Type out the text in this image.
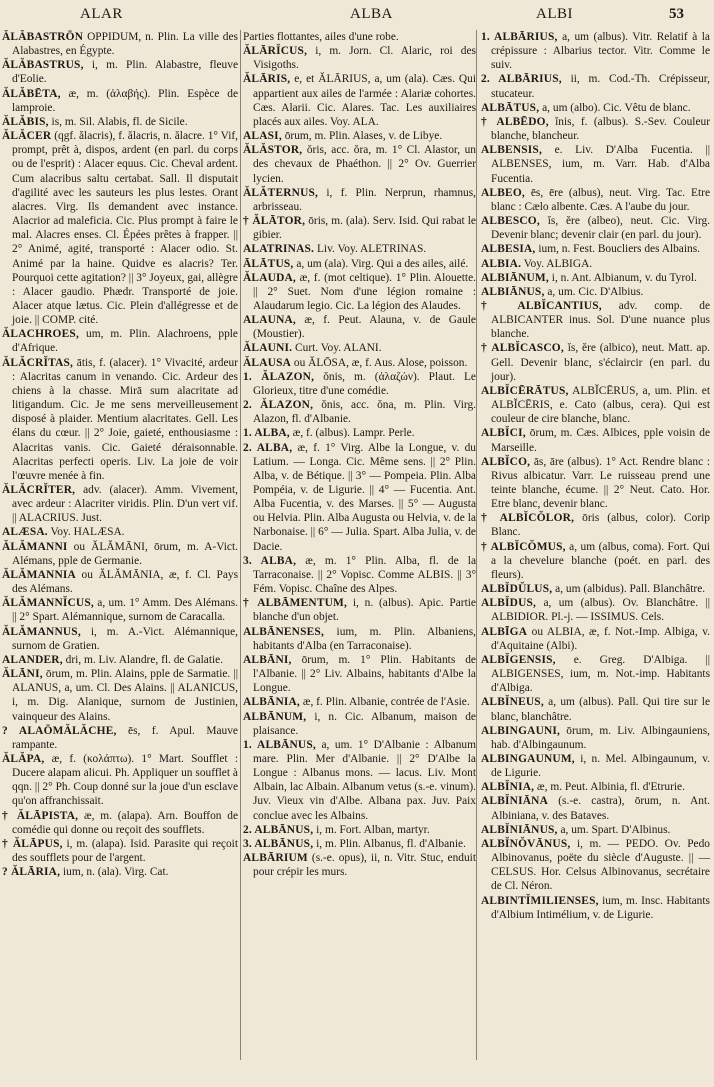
ALAR	ALBA	ALBI	53

ĂLĂBASTRŌN OPPIDUM, n. Plin. La ville des Alabastres, en Égypte.

ĂLĂBASTRUS, i, m. Plin. Alabastre, fleuve d'Eolie.

ĂLĂBĒTA, æ, m. (ἀλαβής). Plin. Espèce de lamproie.

ĂLĂBIS, is, m. Sil. Alabis, fl. de Sicile.

ĂLĂCER (qgf. ălacris), f. ălacris, n. ălacre. 1° Vif, prompt, prêt à, dispos, ardent (en parl. du corps ou de l'esprit) : Alacer equus. Cic. Cheval ardent. Cum alacribus saltu certabat. Sall. Il disputait d'agilité avec les sauteurs les plus lestes. Orant alacres. Virg. Ils demandent avec instance. Alacrior ad maleficia. Cic. Plus prompt à faire le mal. Alacres enses. Cl. Épées prêtes à frapper. || 2° Animé, agité, transporté : Alacer odio. St. Animé par la haine. Quidve es alacris? Ter. Pourquoi cette agitation? || 3° Joyeux, gai, allègre : Alacer gaudio. Phædr. Transporté de joie. Alacer atque lætus. Cic. Plein d'allégresse et de joie. || COMP. cité.

ĂLACHROES, um, m. Plin. Alachroens, pple d'Afrique.

ĂLĂCRĬTAS, ātis, f. (alacer). 1° Vivacité, ardeur : Alacritas canum in venando. Cic. Ardeur des chiens à la chasse. Mirā sum alacritate ad litigandum. Cic. Je me sens merveilleusement disposé à plaider. Mentium alacritates. Gell. Les élans du cœur. || 2° Joie, gaieté, enthousiasme : Alacritas vanis. Cic. Gaieté déraisonnable. Alacritas perfecti operis. Liv. La joie de voir l'œuvre menée à fin.

ĂLĂCRĬTER, adv. (alacer). Amm. Vivement, avec ardeur : Alacriter viridis. Plin. D'un vert vif. || ALACRIUS. Just.

ALÆSA. Voy. HALÆSA.

ĂLĂMANNI ou ĂLĂMĀNI, ōrum, m. A-Vict. Alémans, pple de Germanie.

ĂLĂMANNIA ou ĂLĂMĀNIA, æ, f. Cl. Pays des Alémans.

ĂLĂMANNĬCUS, a, um. 1° Amm. Des Alémans. || 2° Spart. Alémannique, surnom de Caracalla.

ĂLĂMANNUS, i, m. A.-Vict. Alémannique, surnom de Gratien.

ALANDER, dri, m. Liv. Alandre, fl. de Galatie.

ĂLĀNI, ōrum, m. Plin. Alains, pple de Sarmatie. || ALANUS, a, um. Cl. Des Alains. || ALANICUS, i, m. Dig. Alanique, surnom de Justinien, vainqueur des Alains.

? ALAŌMĂLĂCHE, ēs, f. Apul. Mauve rampante.

ĂLĂPA, æ, f. (κολάπτω). 1° Mart. Soufflet : Ducere alapam alicui. Ph. Appliquer un soufflet à qqn. || 2° Ph. Coup donné sur la joue d'un esclave qu'on affranchissait.

† ĂLĀPISTA, æ, m. (alapa). Arn. Bouffon de comédie qui donne ou reçoit des soufflets.

† ĂLĀPUS, i, m. (alapa). Isid. Parasite qui reçoit des soufflets pour de l'argent.

? ĂLĀRIA, ium, n. (ala). Virg. Cat.

Parties flottantes, ailes d'une robe.

ĂLĀRĬCUS, i, m. Jorn. Cl. Alaric, roi des Visigoths.

ĂLĀRIS, e, et ĂLĀRIUS, a, um (ala). Cæs. Qui appartient aux ailes de l'armée : Alariæ cohortes. Cæs. Alarii. Cic. Alares. Tac. Les auxiliaires placés aux ailes. Voy. ALA.

ALASI, ōrum, m. Plin. Alases, v. de Libye.

ĂLĂSTOR, ŏris, acc. ŏra, m. 1° Cl. Alastor, un des chevaux de Phaéthon. || 2° Ov. Guerrier lycien.

ĂLĂTERNUS, i, f. Plin. Nerprun, rhamnus, arbrisseau.

† ĂLĀTOR, ōris, m. (ala). Serv. Isid. Qui rabat le gibier.

ALATRINAS. Liv. Voy. ALETRINAS.

ĀLĀTUS, a, um (ala). Virg. Qui a des ailes, ailé.

ĂLAUDA, æ, f. (mot celtique). 1° Plin. Alouette. || 2° Suet. Nom d'une légion romaine : Alaudarum legio. Cic. La légion des Alaudes.

ALAUNA, æ, f. Peut. Alauna, v. de Gaule (Moustier).

ĂLAUNI. Curt. Voy. ALANI.

ĂLAUSA ou ĂLŌSA, æ, f. Aus. Alose, poisson.

1. ĂLAZON, ŏnis, m. (ἀλαζών). Plaut. Le Glorieux, titre d'une comédie.

2. ĂLAZON, ŏnis, acc. ŏna, m. Plin. Virg. Alazon, fl. d'Albanie.

1. ALBA, æ, f. (albus). Lampr. Perle.

2. ALBA, æ, f. 1° Virg. Albe la Longue, v. du Latium. — Longa. Cic. Même sens. || 2° Plin. Alba, v. de Bétique. || 3° — Pompeia. Plin. Alba Pompéia, v. de Ligurie. || 4° — Fucentia. Ant. Alba Fucentia, v. des Marses. || 5° — Augusta ou Helvia. Plin. Alba Augusta ou Helvia, v. de la Narbonaise. || 6° — Julia. Spart. Alba Julia, v. de Dacie.

3. ALBA, æ, m. 1° Plin. Alba, fl. de la Tarraconaise. || 2° Vopisc. Comme ALBIS. || 3° Fém. Vopisc. Chaîne des Alpes.

† ALBĀMENTUM, i, n. (albus). Apic. Partie blanche d'un objet.

ALBĀNENSES, ium, m. Plin. Albaniens, habitants d'Alba (en Tarraconaise).

ALBĀNI, ōrum, m. 1° Plin. Habitants de l'Albanie. || 2° Liv. Albains, habitants d'Albe la Longue.

ALBĀNIA, æ, f. Plin. Albanie, contrée de l'Asie.

ALBĀNUM, i, n. Cic. Albanum, maison de plaisance.

1. ALBĀNUS, a, um. 1° D'Albanie : Albanum mare. Plin. Mer d'Albanie. || 2° D'Albe la Longue : Albanus mons. — lacus. Liv. Mont Albain, lac Albain. Albanum vetus (s.-e. vinum). Juv. Vieux vin d'Albe. Albana pax. Juv. Paix conclue avec les Albains.

2. ALBĀNUS, i, m. Fort. Alban, martyr.

3. ALBĀNUS, i, m. Plin. Albanus, fl. d'Albanie.

ALBĀRIUM (s.-e. opus), ii, n. Vitr. Stuc, enduit pour crépir les murs.

1. ALBĀRIUS, a, um (albus). Vitr. Relatif à la crépissure : Albarius tector. Vitr. Comme le suiv.

2. ALBĀRIUS, ii, m. Cod.-Th. Crépisseur, stucateur.

ALBĀTUS, a, um (albo). Cic. Vêtu de blanc.

† ALBĒDO, ĭnis, f. (albus). S.-Sev. Couleur blanche, blancheur.

ALBENSIS, e. Liv. D'Alba Fucentia. || ALBENSES, ium, m. Varr. Hab. d'Alba Fucentia.

ALBEO, ēs, ēre (albus), neut. Virg. Tac. Etre blanc : Cælo albente. Cæs. A l'aube du jour.

ALBESCO, ĭs, ĕre (albeo), neut. Cic. Virg. Devenir blanc; devenir clair (en parl. du jour).

ALBESIA, ium, n. Fest. Boucliers des Albains.

ALBIA. Voy. ALBIGA.

ALBIĀNUM, i, n. Ant. Albianum, v. du Tyrol.

ALBIĀNUS, a, um. Cic. D'Albius.

† ALBĬCANTIUS, adv. comp. de ALBICANTER inus. Sol. D'une nuance plus blanche.

† ALBĬCASCO, ĭs, ĕre (albico), neut. Matt. ap. Gell. Devenir blanc, s'éclaircir (en parl. du jour).

ALBĬCĒRĀTUS, ALBĬCĒRUS, a, um. Plin. et ALBĬCĒRIS, e. Cato (albus, cera). Qui est couleur de cire blanche, blanc.

ALBĬCI, ōrum, m. Cæs. Albices, pple voisin de Marseille.

ALBĬCO, ās, āre (albus). 1° Act. Rendre blanc : Rivus albicatur. Varr. Le ruisseau prend une teinte blanche, écume. || 2° Neut. Cato. Hor. Etre blanc, devenir blanc.

† ALBĬCŎLOR, ōris (albus, color). Corip Blanc.

† ALBĬCŎMUS, a, um (albus, coma). Fort. Qui a la chevelure blanche (poét. en parl. des fleurs).

ALBĬDŬLUS, a, um (albidus). Pall. Blanchâtre.

ALBĬDUS, a, um (albus). Ov. Blanchâtre. || ALBIDIOR. Pl.-j. — ISSIMUS. Cels.

ALBĪGA ou ALBIA, æ, f. Not.-Imp. Albiga, v. d'Aquitaine (Albi).

ALBĬGENSIS, e. Greg. D'Albiga. || ALBIGENSES, ium, m. Not.-imp. Habitants d'Albiga.

ALBĬNEUS, a, um (albus). Pall. Qui tire sur le blanc, blanchâtre.

ALBINGAUNI, ōrum, m. Liv. Albingauniens, hab. d'Albingaunum.

ALBINGAUNUM, i, n. Mel. Albingaunum, v. de Ligurie.

ALBĬNIA, æ, m. Peut. Albinia, fl. d'Etrurie.

ALBĬNIĀNA (s.-e. castra), ōrum, n. Ant. Albiniana, v. des Bataves.

ALBĬNIĀNUS, a, um. Spart. D'Albinus.

ALBĬNŎVĀNUS, i, m. — PEDO. Ov. Pedo Albinovanus, poëte du siècle d'Auguste. || — CELSUS. Hor. Celsus Albinovanus, secrétaire de Cl. Néron.

ALBINTĬMILIENSES, ium, m. Insc. Habitants d'Albium Intimélium, v. de Ligurie.
